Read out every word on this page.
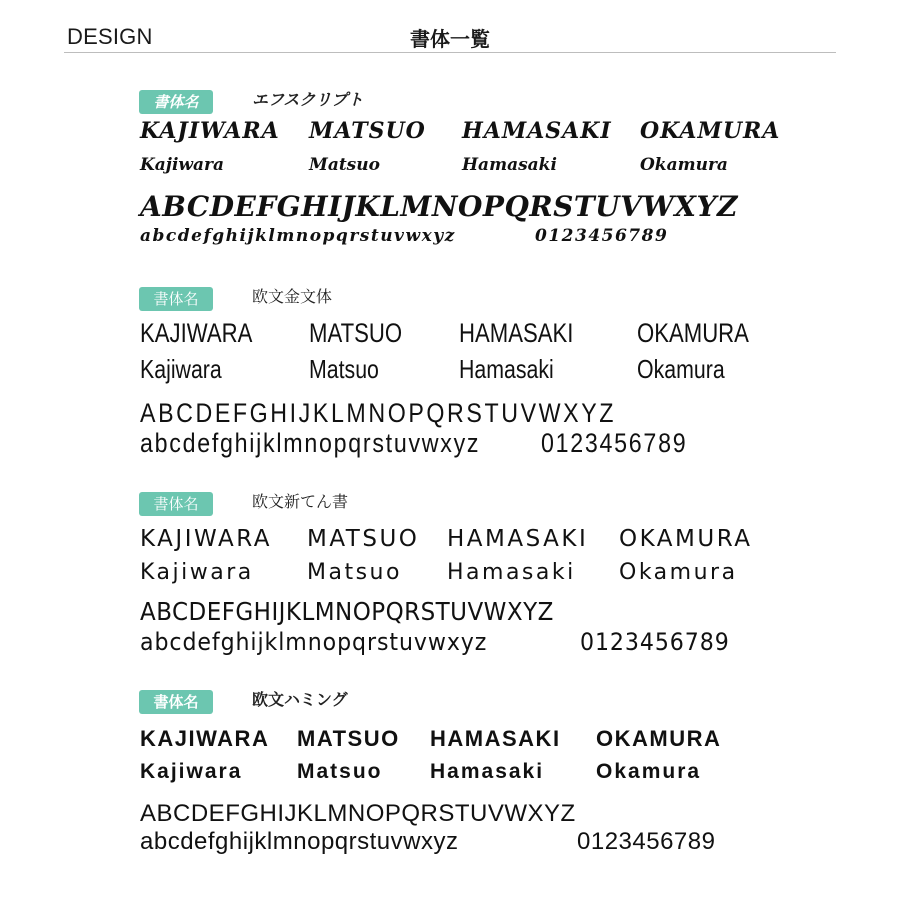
DESIGN	書体一覧
書体名	エフスクリプト
KAJIWARA MATSUO HAMASAKI OKAMURA
Kajiwara	Matsuo	Hamasaki	Okamura
ABCDEFGHIJKLMNOPQRSTUVWXYZ
abcdefghijklmnopqrstuvwxyz	0123456789
書体名	欧文金文体
KAJIWARA MATSUO HAMASAKI OKAMURA
Kajiwara	Matsuo	Hamasaki	Okamura
ABCDEFGHIJKLMNOPQRSTUVWXYZ
abcdefghijklmnopqrstuvwxyz 0123456789
書体名	欧文新てん書
KAJIWARA MATSUO HAMASAKI OKAMURA
Kajiwara Matsuo Hamasaki Okamura
ABCDEFGHIJKLMNOPQRSTUVWXYZ
abcdefghijklmnopqrstuvwxyz	0123456789
書体名	欧文ハミング
KAJIWARA MATSUO HAMASAKI OKAMURA
Kajiwara	Matsuo Hamasaki Okamura
ABCDEFGHIJKLMNOPQRSTUVWXYZ
abcdefghijklmnopqrstuvwxyz	0123456789
